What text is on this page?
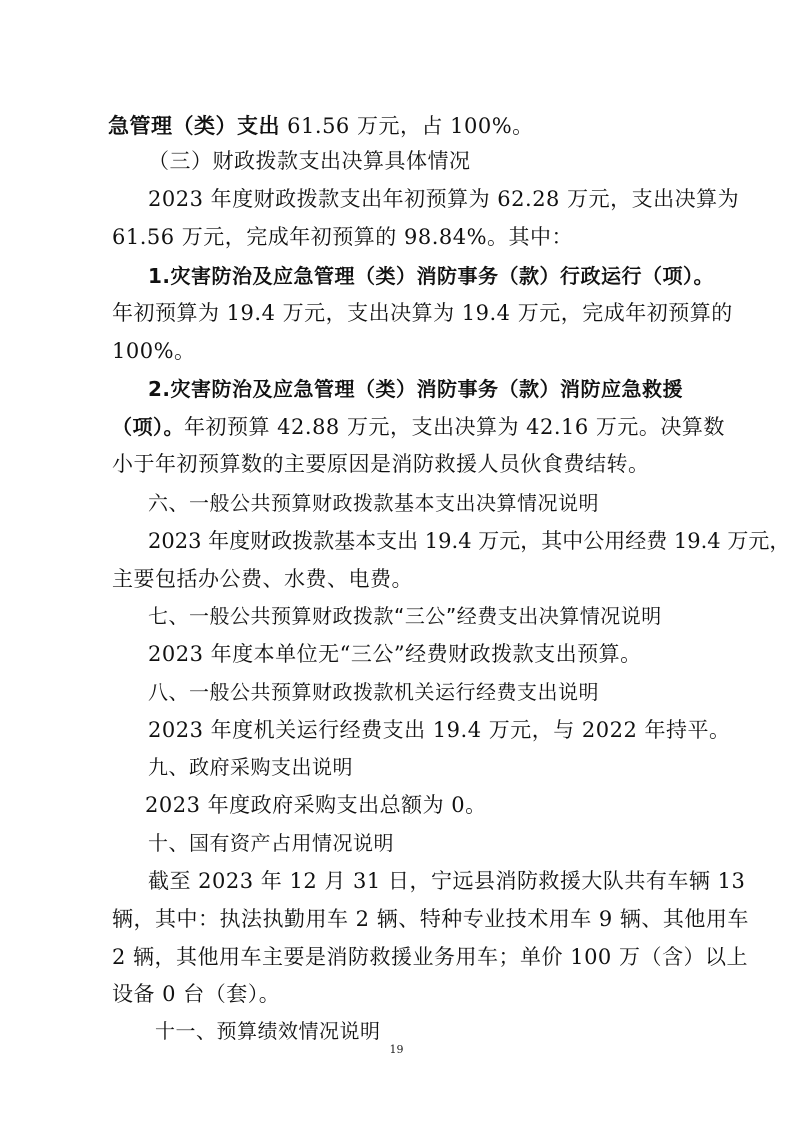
急管理（类）支出 61.56 万元，占 100%。
（三）财政拨款支出决算具体情况
2023 年度财政拨款支出年初预算为 62.28 万元，支出决算为
61.56 万元，完成年初预算的 98.84%。其中：
1.灾害防治及应急管理（类）消防事务（款）行政运行（项）。
年初预算为 19.4 万元，支出决算为 19.4 万元，完成年初预算的
100%。
2.灾害防治及应急管理（类）消防事务（款）消防应急救援
（项）。年初预算 42.88 万元，支出决算为 42.16 万元。决算数
小于年初预算数的主要原因是消防救援人员伙食费结转。
六、一般公共预算财政拨款基本支出决算情况说明
2023 年度财政拨款基本支出 19.4 万元，其中公用经费 19.4 万元，
主要包括办公费、水费、电费。
七、一般公共预算财政拨款“三公”经费支出决算情况说明
2023 年度本单位无“三公”经费财政拨款支出预算。
八、一般公共预算财政拨款机关运行经费支出说明
2023 年度机关运行经费支出 19.4 万元，与 2022 年持平。
九、政府采购支出说明
2023 年度政府采购支出总额为 0。
十、国有资产占用情况说明
截至 2023 年 12 月 31 日，宁远县消防救援大队共有车辆 13
辆，其中：执法执勤用车 2 辆、特种专业技术用车 9 辆、其他用车
2 辆，其他用车主要是消防救援业务用车；单价 100 万（含）以上
设备 0 台（套）。
十一、预算绩效情况说明
19
